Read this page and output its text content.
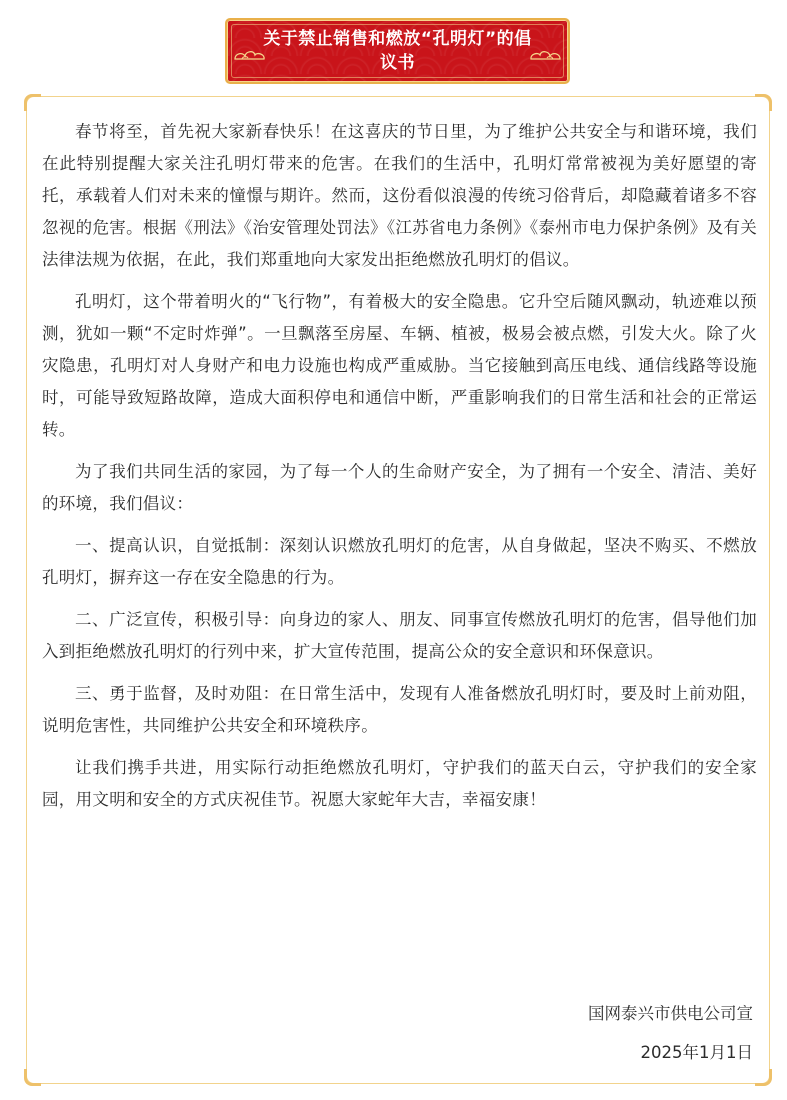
关于禁止销售和燃放“孔明灯”的倡议书

春节将至，首先祝大家新春快乐！在这喜庆的节日里，为了维护公共安全与和谐环境，我们在此特别提醒大家关注孔明灯带来的危害。在我们的生活中，孔明灯常常被视为美好愿望的寄托，承载着人们对未来的憧憬与期许。然而，这份看似浪漫的传统习俗背后，却隐藏着诸多不容忽视的危害。根据《刑法》《治安管理处罚法》《江苏省电力条例》《泰州市电力保护条例》及有关法律法规为依据，在此，我们郑重地向大家发出拒绝燃放孔明灯的倡议。

孔明灯，这个带着明火的“飞行物”，有着极大的安全隐患。它升空后随风飘动，轨迹难以预测，犹如一颗“不定时炸弹”。一旦飘落至房屋、车辆、植被，极易会被点燃，引发大火。除了火灾隐患，孔明灯对人身财产和电力设施也构成严重威胁。当它接触到高压电线、通信线路等设施时，可能导致短路故障，造成大面积停电和通信中断，严重影响我们的日常生活和社会的正常运转。

为了我们共同生活的家园，为了每一个人的生命财产安全，为了拥有一个安全、清洁、美好的环境，我们倡议：

一、提高认识，自觉抵制：深刻认识燃放孔明灯的危害，从自身做起，坚决不购买、不燃放孔明灯，摒弃这一存在安全隐患的行为。

二、广泛宣传，积极引导：向身边的家人、朋友、同事宣传燃放孔明灯的危害，倡导他们加入到拒绝燃放孔明灯的行列中来，扩大宣传范围，提高公众的安全意识和环保意识。

三、勇于监督，及时劝阻：在日常生活中，发现有人准备燃放孔明灯时，要及时上前劝阻，说明危害性，共同维护公共安全和环境秩序。

让我们携手共进，用实际行动拒绝燃放孔明灯，守护我们的蓝天白云，守护我们的安全家园，用文明和安全的方式庆祝佳节。祝愿大家蛇年大吉，幸福安康！

国网泰兴市供电公司宣
2025年1月1日
